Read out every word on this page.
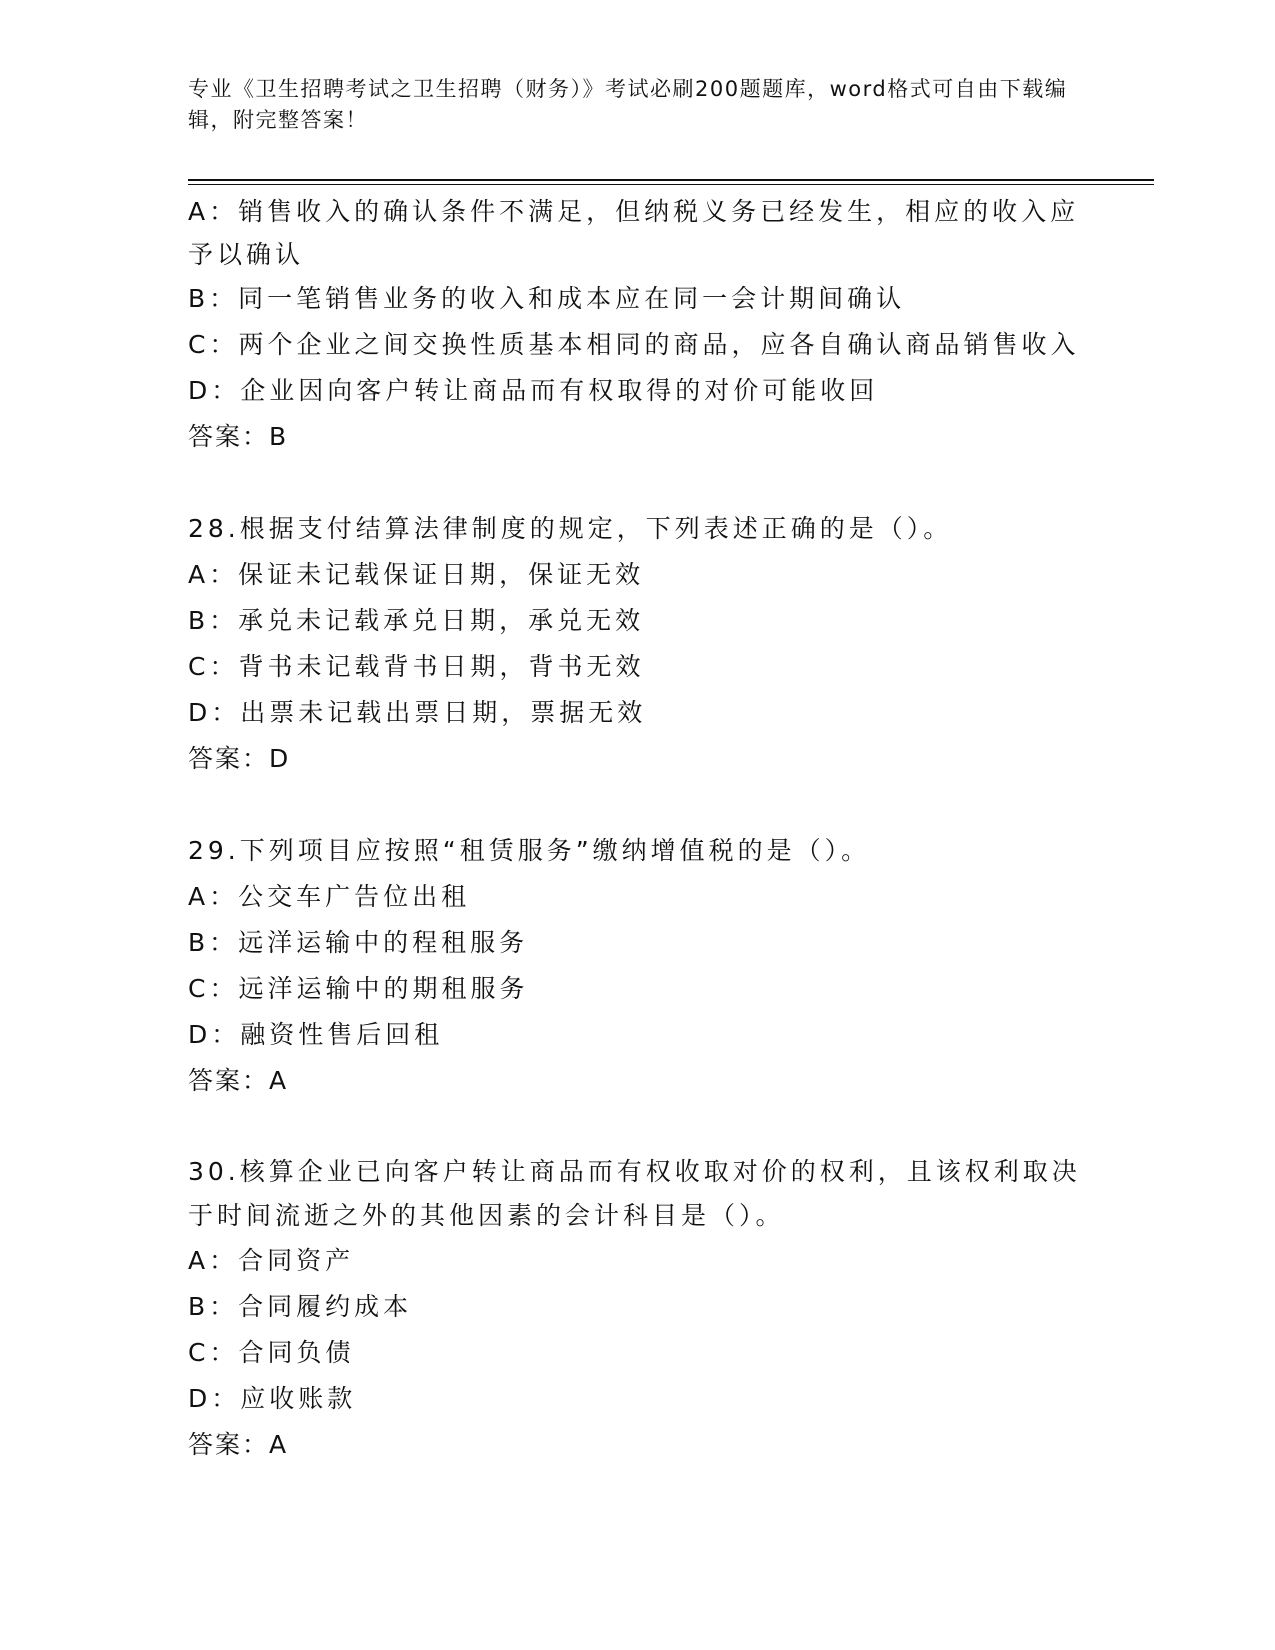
专业《卫生招聘考试之卫生招聘（财务）》考试必刷200题题库，word格式可自由下载编辑，附完整答案！
A：销售收入的确认条件不满足，但纳税义务已经发生，相应的收入应予以确认
B：同一笔销售业务的收入和成本应在同一会计期间确认
C：两个企业之间交换性质基本相同的商品，应各自确认商品销售收入
D：企业因向客户转让商品而有权取得的对价可能收回
答案：B
28.根据支付结算法律制度的规定，下列表述正确的是（）。
A：保证未记载保证日期，保证无效
B：承兑未记载承兑日期，承兑无效
C：背书未记载背书日期，背书无效
D：出票未记载出票日期，票据无效
答案：D
29.下列项目应按照“租赁服务”缴纳增值税的是（）。
A：公交车广告位出租
B：远洋运输中的程租服务
C：远洋运输中的期租服务
D：融资性售后回租
答案：A
30.核算企业已向客户转让商品而有权收取对价的权利，且该权利取决于时间流逝之外的其他因素的会计科目是（）。
A：合同资产
B：合同履约成本
C：合同负债
D：应收账款
答案：A
